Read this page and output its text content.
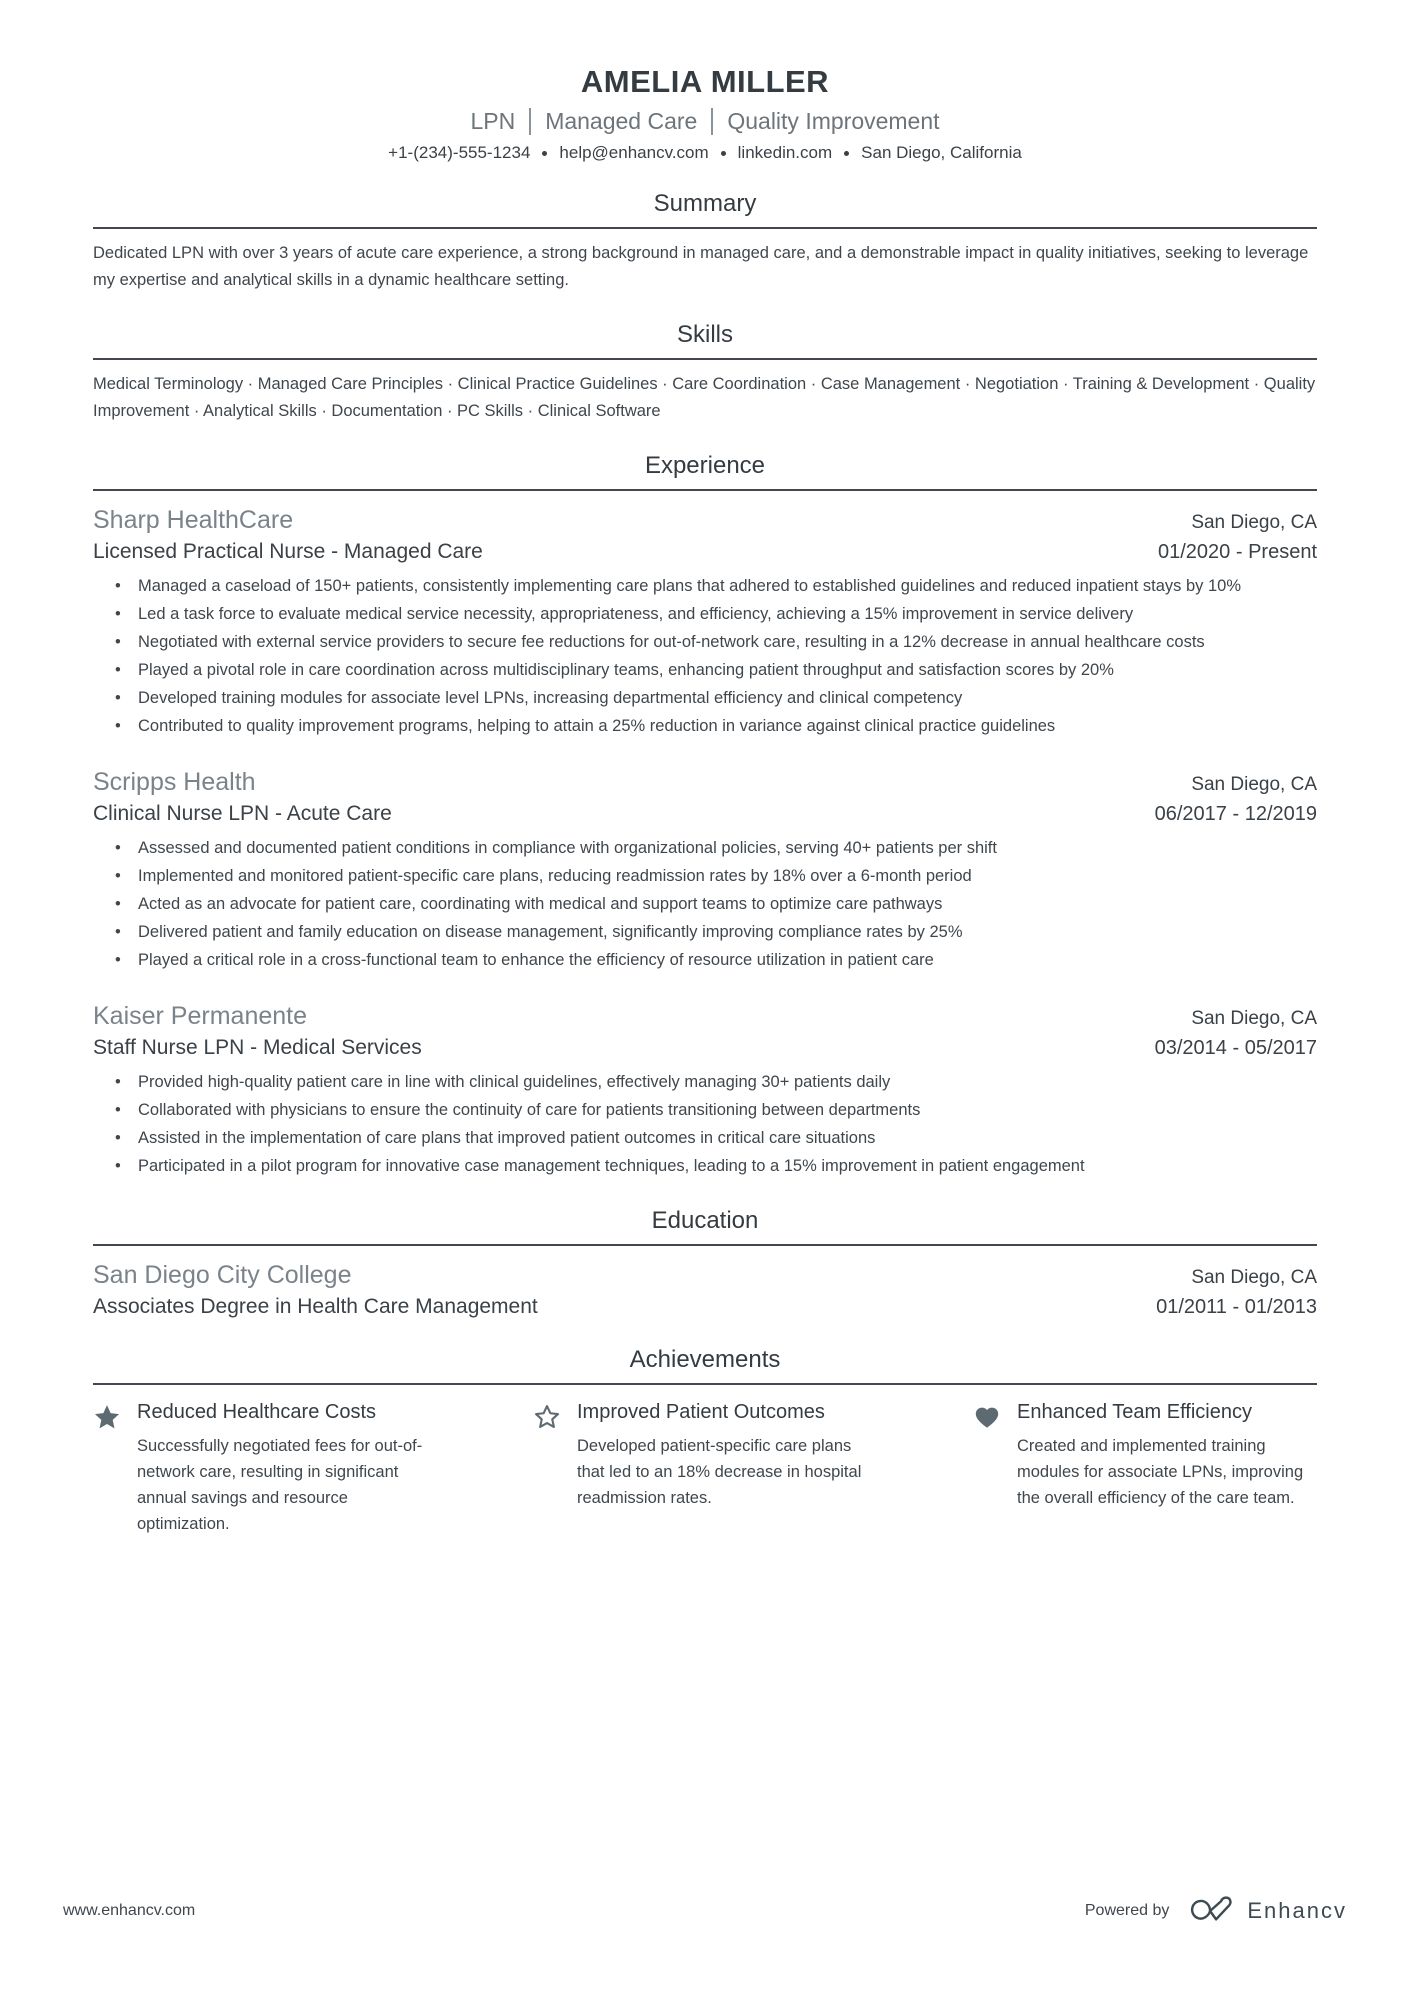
AMELIA MILLER
LPN Managed Care Quality Improvement
+1-(234)-555-1234 help@enhancv.com linkedin.com San Diego, California
Summary
Dedicated LPN with over 3 years of acute care experience, a strong background in managed care, and a demonstrable impact in quality initiatives, seeking to leverage my expertise and analytical skills in a dynamic healthcare setting.
Skills
Medical Terminology · Managed Care Principles · Clinical Practice Guidelines · Care Coordination · Case Management · Negotiation · Training & Development · Quality Improvement · Analytical Skills · Documentation · PC Skills · Clinical Software
Experience
Sharp HealthCare	San Diego, CA
Licensed Practical Nurse - Managed Care	01/2020 - Present
• Managed a caseload of 150+ patients, consistently implementing care plans that adhered to established guidelines and reduced inpatient stays by 10%
• Led a task force to evaluate medical service necessity, appropriateness, and efficiency, achieving a 15% improvement in service delivery
• Negotiated with external service providers to secure fee reductions for out-of-network care, resulting in a 12% decrease in annual healthcare costs
• Played a pivotal role in care coordination across multidisciplinary teams, enhancing patient throughput and satisfaction scores by 20%
• Developed training modules for associate level LPNs, increasing departmental efficiency and clinical competency
• Contributed to quality improvement programs, helping to attain a 25% reduction in variance against clinical practice guidelines
Scripps Health	San Diego, CA
Clinical Nurse LPN - Acute Care	06/2017 - 12/2019
• Assessed and documented patient conditions in compliance with organizational policies, serving 40+ patients per shift
• Implemented and monitored patient-specific care plans, reducing readmission rates by 18% over a 6-month period
• Acted as an advocate for patient care, coordinating with medical and support teams to optimize care pathways
• Delivered patient and family education on disease management, significantly improving compliance rates by 25%
• Played a critical role in a cross-functional team to enhance the efficiency of resource utilization in patient care
Kaiser Permanente	San Diego, CA
Staff Nurse LPN - Medical Services	03/2014 - 05/2017
• Provided high-quality patient care in line with clinical guidelines, effectively managing 30+ patients daily
• Collaborated with physicians to ensure the continuity of care for patients transitioning between departments
• Assisted in the implementation of care plans that improved patient outcomes in critical care situations
• Participated in a pilot program for innovative case management techniques, leading to a 15% improvement in patient engagement
Education
San Diego City College	San Diego, CA
Associates Degree in Health Care Management	01/2011 - 01/2013
Achievements
Reduced Healthcare Costs
Successfully negotiated fees for out-of-network care, resulting in significant annual savings and resource optimization.
Improved Patient Outcomes
Developed patient-specific care plans that led to an 18% decrease in hospital readmission rates.
Enhanced Team Efficiency
Created and implemented training modules for associate LPNs, improving the overall efficiency of the care team.
www.enhancv.com	Powered by	Enhancv
